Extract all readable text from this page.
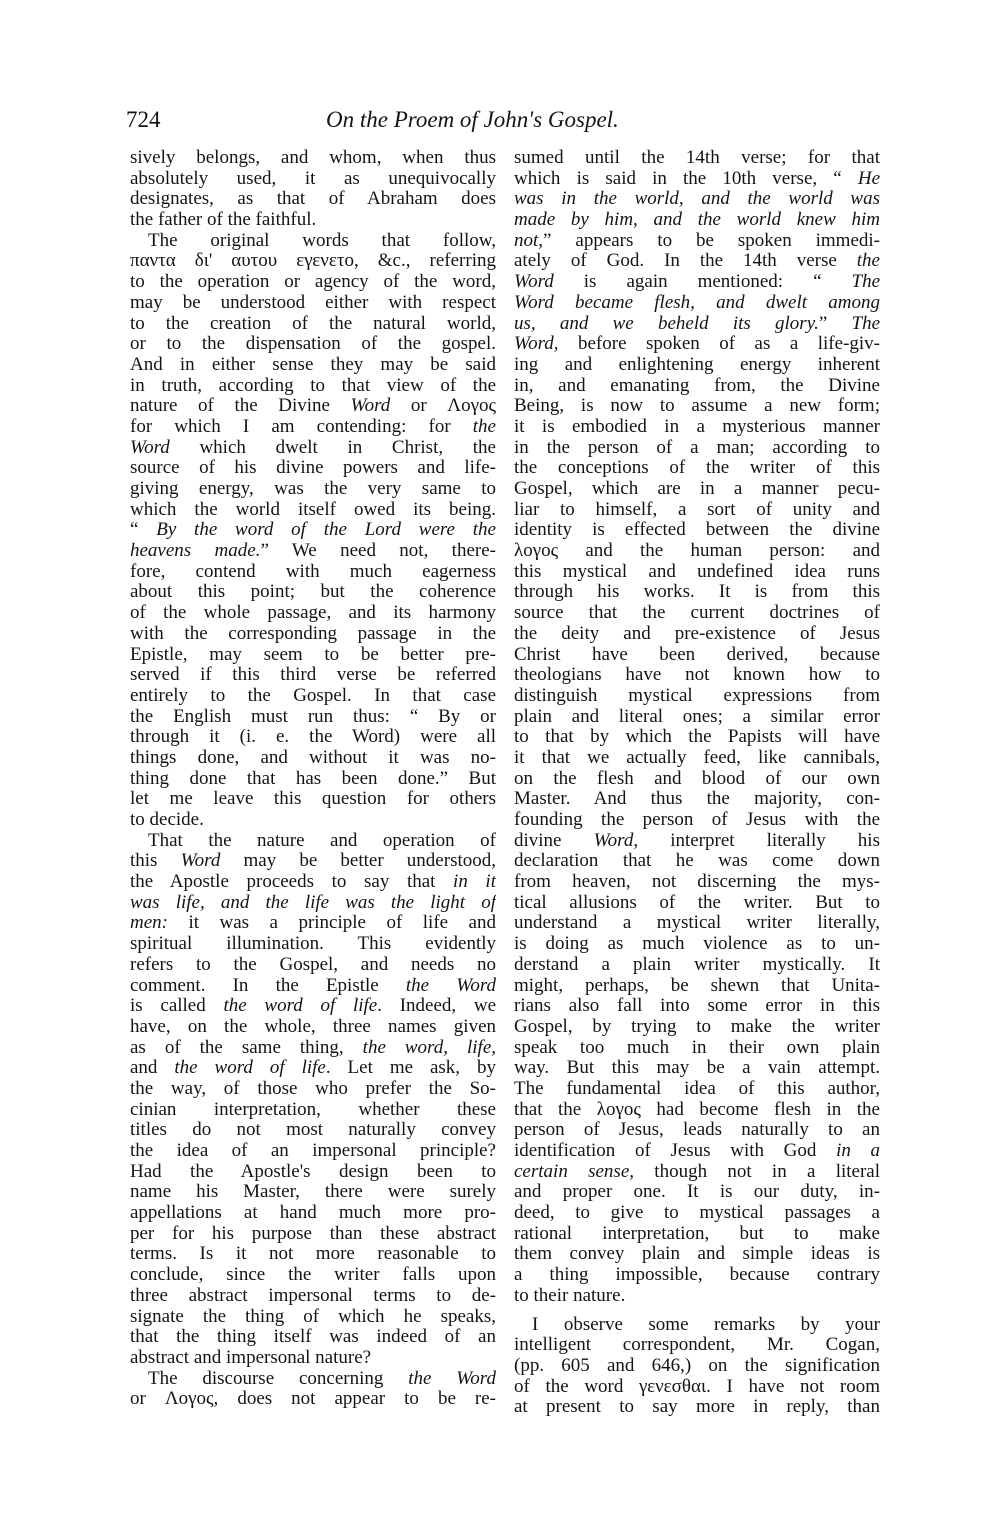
724	On the Proem of John's Gospel.
sively belongs, and whom, when thus
absolutely used, it as unequivocally
designates, as that of Abraham does
the father of the faithful.
The original words that follow,
παντα δι' αυτου εγενετο, &c., referring
to the operation or agency of the word,
may be understood either with respect
to the creation of the natural world,
or to the dispensation of the gospel.
And in either sense they may be said
in truth, according to that view of the
nature of the Divine Word or Λογος
for which I am contending: for the
Word which dwelt in Christ, the
source of his divine powers and life-
giving energy, was the very same to
which the world itself owed its being.
“ By the word of the Lord were the
heavens made.” We need not, there-
fore, contend with much eagerness
about this point; but the coherence
of the whole passage, and its harmony
with the corresponding passage in the
Epistle, may seem to be better pre-
served if this third verse be referred
entirely to the Gospel. In that case
the English must run thus: “ By or
through it (i. e. the Word) were all
things done, and without it was no-
thing done that has been done.” But
let me leave this question for others
to decide.
That the nature and operation of
this Word may be better understood,
the Apostle proceeds to say that in it
was life, and the life was the light of
men: it was a principle of life and
spiritual illumination. This evidently
refers to the Gospel, and needs no
comment. In the Epistle the Word
is called the word of life. Indeed, we
have, on the whole, three names given
as of the same thing, the word, life,
and the word of life. Let me ask, by
the way, of those who prefer the So-
cinian interpretation, whether these
titles do not most naturally convey
the idea of an impersonal principle?
Had the Apostle's design been to
name his Master, there were surely
appellations at hand much more pro-
per for his purpose than these abstract
terms. Is it not more reasonable to
conclude, since the writer falls upon
three abstract impersonal terms to de-
signate the thing of which he speaks,
that the thing itself was indeed of an
abstract and impersonal nature?
The discourse concerning the Word
or Λογος, does not appear to be re-
sumed until the 14th verse; for that
which is said in the 10th verse, “ He
was in the world, and the world was
made by him, and the world knew him
not,” appears to be spoken immedi-
ately of God. In the 14th verse the
Word is again mentioned: “ The
Word became flesh, and dwelt among
us, and we beheld its glory.” The
Word, before spoken of as a life-giv-
ing and enlightening energy inherent
in, and emanating from, the Divine
Being, is now to assume a new form;
it is embodied in a mysterious manner
in the person of a man; according to
the conceptions of the writer of this
Gospel, which are in a manner pecu-
liar to himself, a sort of unity and
identity is effected between the divine
λογος and the human person: and
this mystical and undefined idea runs
through his works. It is from this
source that the current doctrines of
the deity and pre-existence of Jesus
Christ have been derived, because
theologians have not known how to
distinguish mystical expressions from
plain and literal ones; a similar error
to that by which the Papists will have
it that we actually feed, like cannibals,
on the flesh and blood of our own
Master. And thus the majority, con-
founding the person of Jesus with the
divine Word, interpret literally his
declaration that he was come down
from heaven, not discerning the mys-
tical allusions of the writer. But to
understand a mystical writer literally,
is doing as much violence as to un-
derstand a plain writer mystically. It
might, perhaps, be shewn that Unita-
rians also fall into some error in this
Gospel, by trying to make the writer
speak too much in their own plain
way. But this may be a vain attempt.
The fundamental idea of this author,
that the λογος had become flesh in the
person of Jesus, leads naturally to an
identification of Jesus with God in a
certain sense, though not in a literal
and proper one. It is our duty, in-
deed, to give to mystical passages a
rational interpretation, but to make
them convey plain and simple ideas is
a thing impossible, because contrary
to their nature.
I observe some remarks by your
intelligent correspondent, Mr. Cogan,
(pp. 605 and 646,) on the signification
of the word γενεσθαι. I have not room
at present to say more in reply, than
